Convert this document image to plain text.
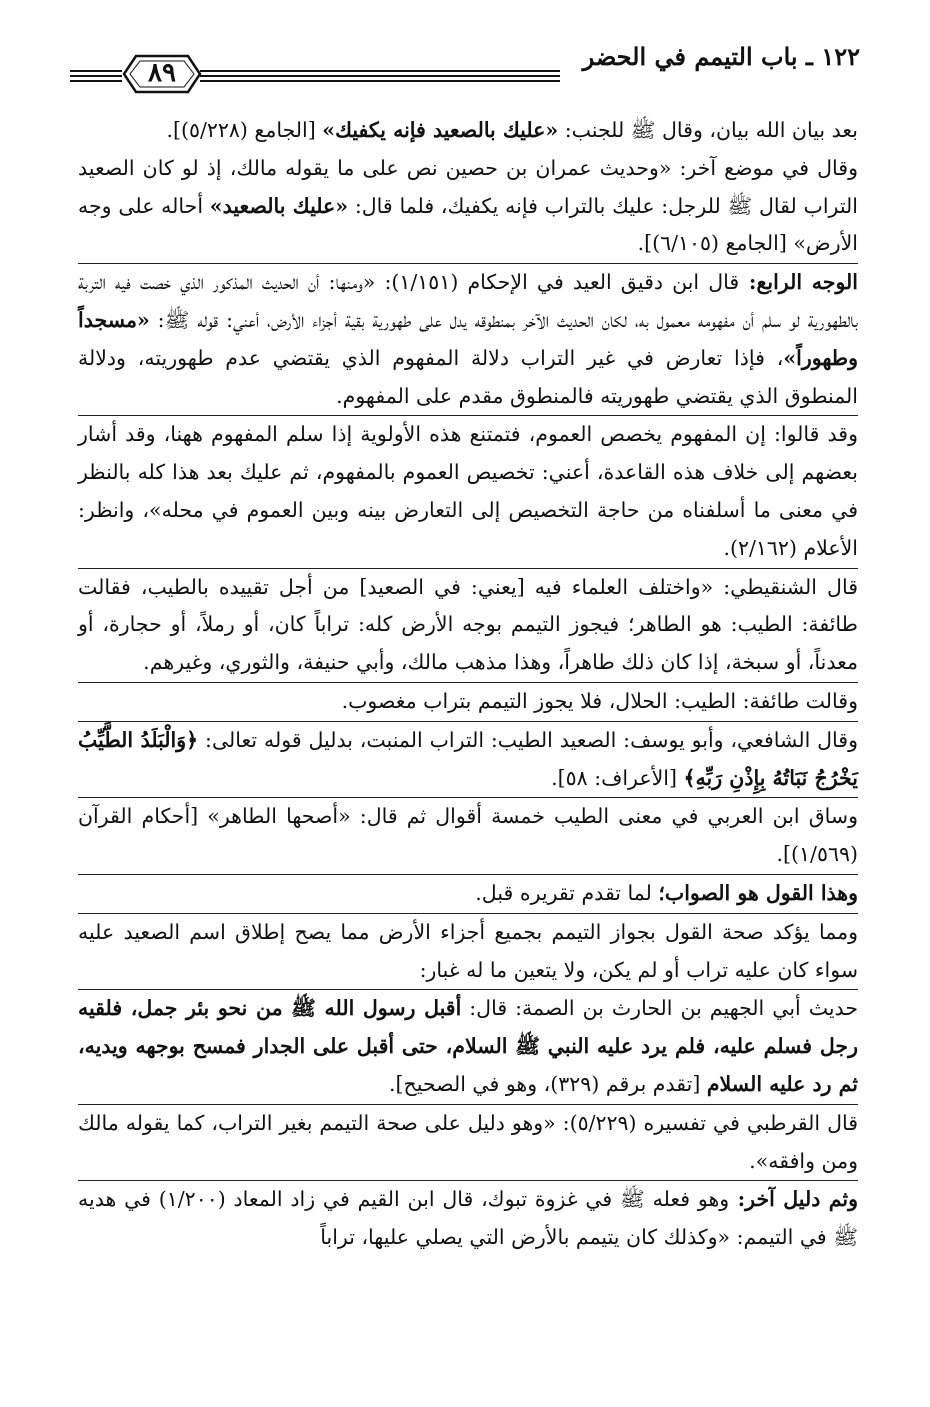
١٢٢ ـ باب التيمم في الحضر
٨٩

بعد بيان الله بيان، وقال ﷺ للجنب: «عليك بالصعيد فإنه يكفيك» [الجامع (٥/٢٢٨)].

وقال في موضع آخر: «وحديث عمران بن حصين نص على ما يقوله مالك، إذ لو كان الصعيد التراب لقال ﷺ للرجل: عليك بالتراب فإنه يكفيك، فلما قال: «عليك بالصعيد» أحاله على وجه الأرض» [الجامع (٦/١٠٥)].

الوجه الرابع: قال ابن دقيق العيد في الإحكام (١/١٥١): «ومنها: أن الحديث المذكور الذي خصت فيه التربة بالطهورية لو سلم أن مفهومه معمول به، لكان الحديث الآخر بمنطوقه يدل على طهورية بقية أجزاء الأرض، أعني: قوله ﷺ: «مسجداً وطهوراً»، فإذا تعارض في غير التراب دلالة المفهوم الذي يقتضي عدم طهوريته، ودلالة المنطوق الذي يقتضي طهوريته فالمنطوق مقدم على المفهوم.

وقد قالوا: إن المفهوم يخصص العموم، فتمتنع هذه الأولوية إذا سلم المفهوم ههنا، وقد أشار بعضهم إلى خلاف هذه القاعدة، أعني: تخصيص العموم بالمفهوم، ثم عليك بعد هذا كله بالنظر في معنى ما أسلفناه من حاجة التخصيص إلى التعارض بينه وبين العموم في محله»، وانظر: الأعلام (٢/١٦٢).

قال الشنقيطي: «واختلف العلماء فيه [يعني: في الصعيد] من أجل تقييده بالطيب، فقالت طائفة: الطيب: هو الطاهر؛ فيجوز التيمم بوجه الأرض كله: تراباً كان، أو رملاً، أو حجارة، أو معدناً، أو سبخة، إذا كان ذلك طاهراً، وهذا مذهب مالك، وأبي حنيفة، والثوري، وغيرهم.

وقالت طائفة: الطيب: الحلال، فلا يجوز التيمم بتراب مغصوب.

وقال الشافعي، وأبو يوسف: الصعيد الطيب: التراب المنبت، بدليل قوله تعالى: ﴿وَالْبَلَدُ الطَّيِّبُ يَخْرُجُ نَبَاتُهُ بِإِذْنِ رَبِّهِ﴾ [الأعراف: ٥٨].

وساق ابن العربي في معنى الطيب خمسة أقوال ثم قال: «أصحها الطاهر» [أحكام القرآن (١/٥٦٩)].

وهذا القول هو الصواب؛ لما تقدم تقريره قبل.

ومما يؤكد صحة القول بجواز التيمم بجميع أجزاء الأرض مما يصح إطلاق اسم الصعيد عليه سواء كان عليه تراب أو لم يكن، ولا يتعين ما له غبار:

حديث أبي الجهيم بن الحارث بن الصمة: قال: أقبل رسول الله ﷺ من نحو بئر جمل، فلقيه رجل فسلم عليه، فلم يرد عليه النبي ﷺ السلام، حتى أقبل على الجدار فمسح بوجهه ويديه، ثم رد عليه السلام [تقدم برقم (٣٢٩)، وهو في الصحيح].

قال القرطبي في تفسيره (٥/٢٢٩): «وهو دليل على صحة التيمم بغير التراب، كما يقوله مالك ومن وافقه».

وثم دليل آخر: وهو فعله ﷺ في غزوة تبوك، قال ابن القيم في زاد المعاد (١/٢٠٠) في هديه ﷺ في التيمم: «وكذلك كان يتيمم بالأرض التي يصلي عليها، تراباً
